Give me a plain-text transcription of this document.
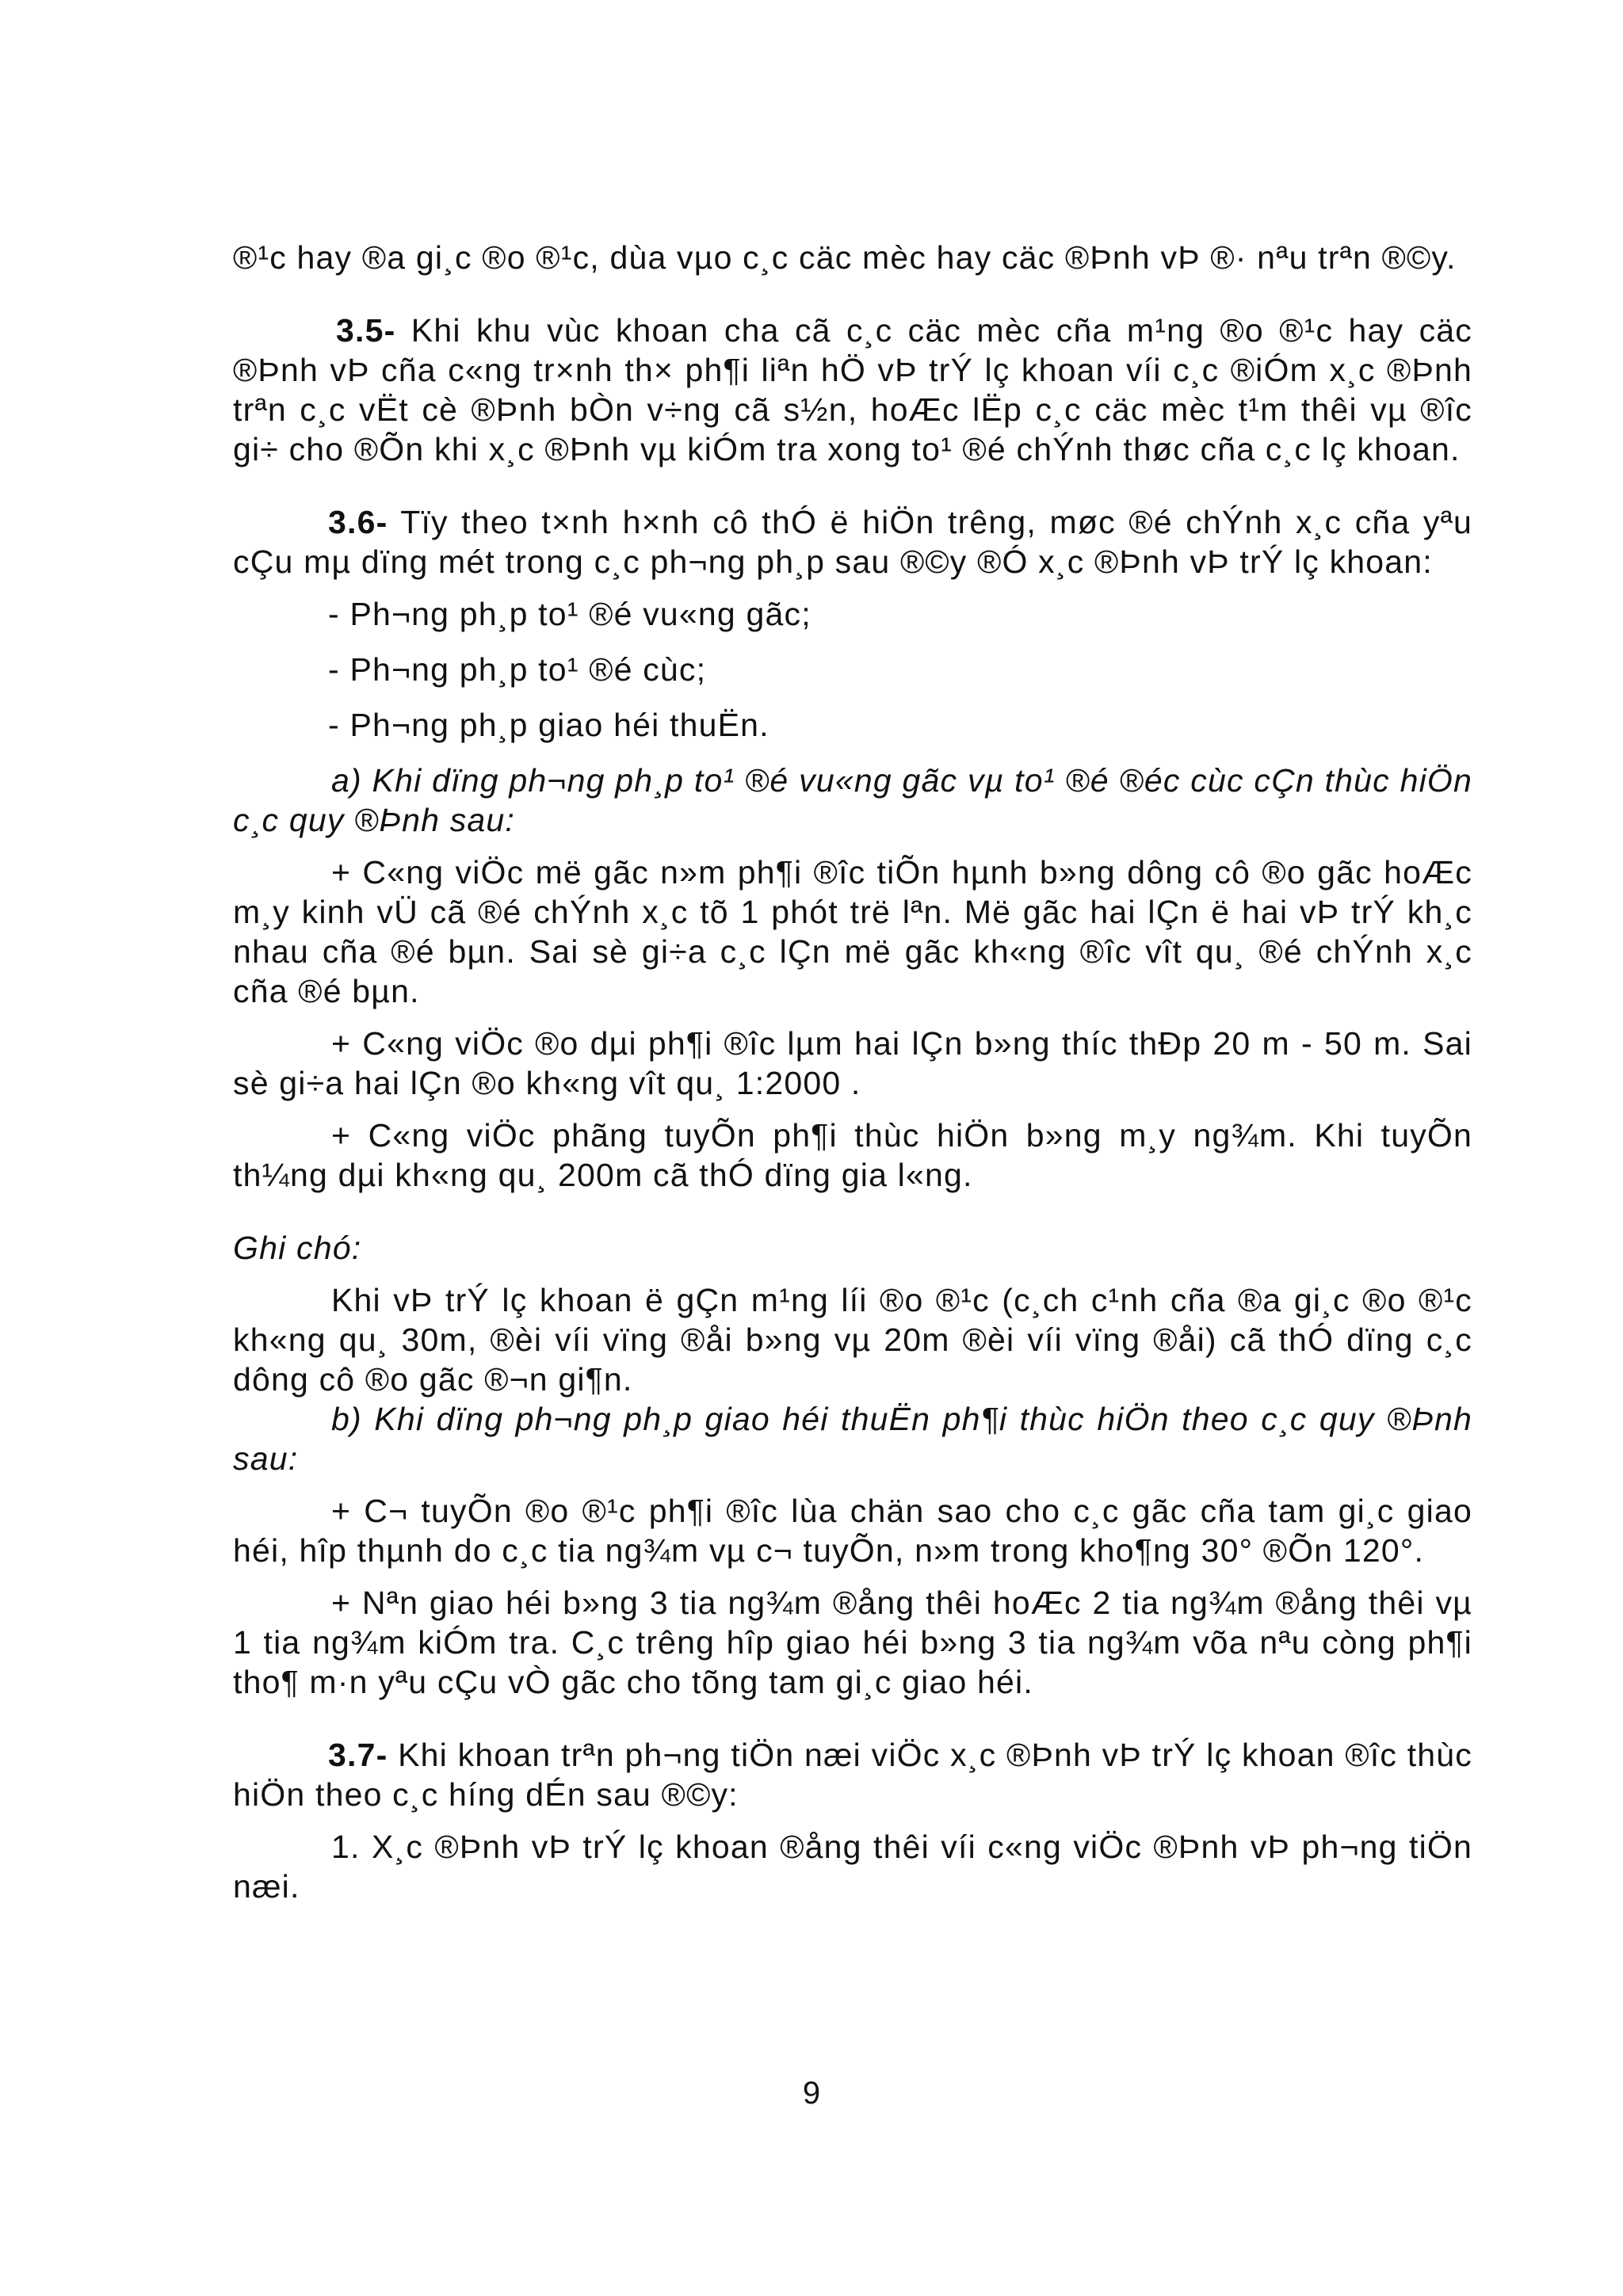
®¹c hay ®a gi¸c ®o ®¹c, dùa vµo c¸c cäc mèc hay cäc ®Þnh vÞ ®· nªu trªn ®©y.

3.5- Khi khu vùc khoan cha cã c¸c cäc mèc cña m¹ng ®o ®¹c hay cäc ®Þnh vÞ cña c«ng tr×nh th× ph¶i liªn hÖ vÞ trÝ lç khoan víi c¸c ®iÓm x¸c ®Þnh trªn c¸c vËt cè ®Þnh bÒn v÷ng cã s½n, hoÆc lËp c¸c cäc mèc t¹m thêi vµ ®îc gi÷ cho ®Õn khi x¸c ®Þnh vµ kiÓm tra xong to¹ ®é chÝnh thøc cña c¸c lç khoan.

3.6- Tïy theo t×nh h×nh cô thÓ ë hiÖn trêng, møc ®é chÝnh x¸c cña yªu cÇu mµ dïng mét trong c¸c ph¬ng ph¸p sau ®©y ®Ó x¸c ®Þnh vÞ trÝ lç khoan:

- Ph¬ng ph¸p to¹ ®é vu«ng gãc;

- Ph¬ng ph¸p to¹ ®é cùc;

- Ph¬ng ph¸p giao héi thuËn.

a) Khi dïng ph¬ng ph¸p to¹ ®é vu«ng gãc vµ to¹ ®é ®éc cùc cÇn thùc hiÖn c¸c quy ®Þnh sau:

+ C«ng viÖc më gãc n»m ph¶i ®îc tiÕn hµnh b»ng dông cô ®o gãc hoÆc m¸y kinh vÜ cã ®é chÝnh x¸c tõ 1 phót trë lªn. Më gãc hai lÇn ë hai vÞ trÝ kh¸c nhau cña ®é bµn. Sai sè gi÷a c¸c lÇn më gãc kh«ng ®îc vît qu¸ ®é chÝnh x¸c cña ®é bµn.

+ C«ng viÖc ®o dµi ph¶i ®îc lµm hai lÇn b»ng thíc thÐp 20 m - 50 m. Sai sè gi÷a hai lÇn ®o kh«ng vît qu¸ 1:2000 .

+ C«ng viÖc phãng tuyÕn ph¶i thùc hiÖn b»ng m¸y ng¾m. Khi tuyÕn th¼ng dµi kh«ng qu¸ 200m cã thÓ dïng gia l«ng.

Ghi chó:

Khi vÞ trÝ lç khoan ë gÇn m¹ng líi ®o ®¹c (c¸ch c¹nh cña ®a gi¸c ®o ®¹c kh«ng qu¸ 30m, ®èi víi vïng ®åi b»ng vµ 20m ®èi víi vïng ®åi) cã thÓ dïng c¸c dông cô ®o gãc ®¬n gi¶n.

b) Khi dïng ph¬ng ph¸p giao héi thuËn ph¶i thùc hiÖn theo c¸c quy ®Þnh sau:

+ C¬ tuyÕn ®o ®¹c ph¶i ®îc lùa chän sao cho c¸c gãc cña tam gi¸c giao héi, hîp thµnh do c¸c tia ng¾m vµ c¬ tuyÕn, n»m trong kho¶ng 30° ®Õn 120°.

+ Nªn giao héi b»ng 3 tia ng¾m ®ång thêi hoÆc 2 tia ng¾m ®ång thêi vµ 1 tia ng¾m kiÓm tra. C¸c trêng hîp giao héi b»ng 3 tia ng¾m võa nªu còng ph¶i tho¶ m·n yªu cÇu vÒ gãc cho tõng tam gi¸c giao héi.

3.7- Khi khoan trªn ph¬ng tiÖn næi viÖc x¸c ®Þnh vÞ trÝ lç khoan ®îc thùc hiÖn theo c¸c híng dÉn sau ®©y:

1. X¸c ®Þnh vÞ trÝ lç khoan ®ång thêi víi c«ng viÖc ®Þnh vÞ ph¬ng tiÖn næi.

9
